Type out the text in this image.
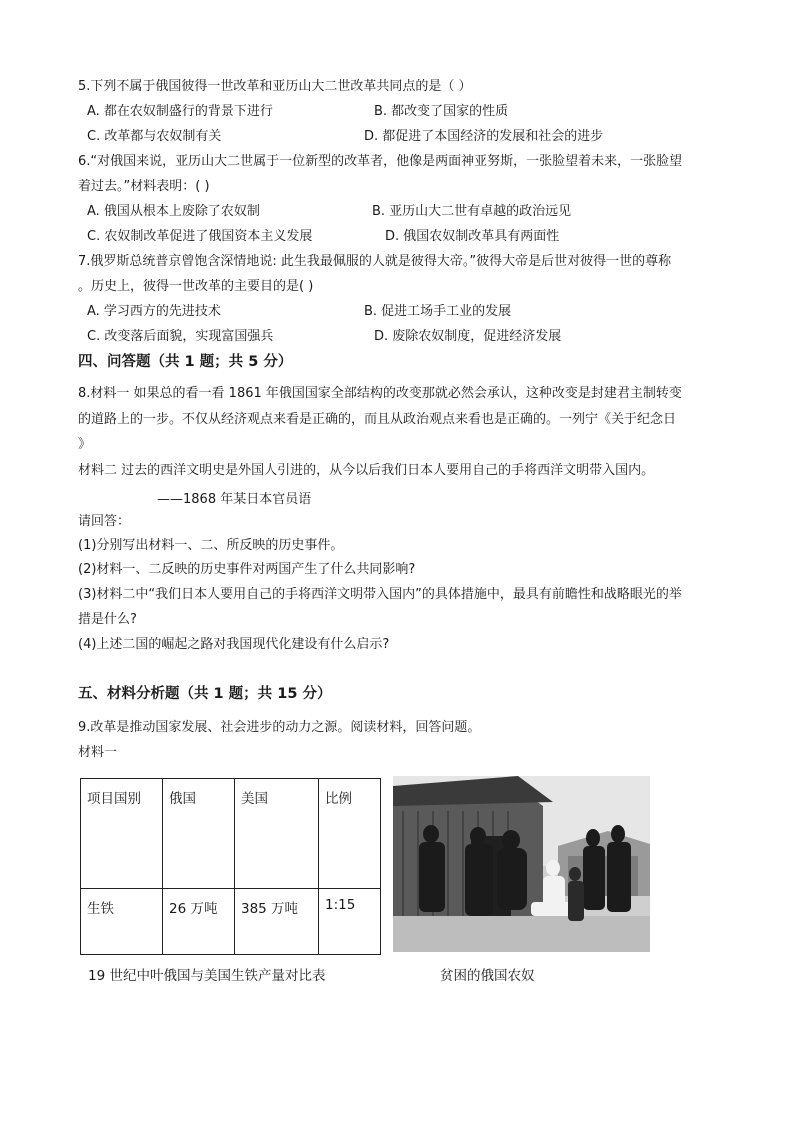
5.下列不属于俄国彼得一世改革和亚历山大二世改革共同点的是（ ）
A. 都在农奴制盛行的背景下进行	B. 都改变了国家的性质
C. 改革都与农奴制有关	D. 都促进了本国经济的发展和社会的进步
6.“对俄国来说，亚历山大二世属于一位新型的改革者，他像是两面神亚努斯，一张脸望着未来，一张脸望
着过去。”材料表明：( )
A. 俄国从根本上废除了农奴制	B. 亚历山大二世有卓越的政治远见
C. 农奴制改革促进了俄国资本主义发展	D. 俄国农奴制改革具有两面性
7.俄罗斯总统普京曾饱含深情地说: 此生我最佩服的人就是彼得大帝。”彼得大帝是后世对彼得一世的尊称
。历史上，彼得一世改革的主要目的是( )
A. 学习西方的先进技术	B. 促进工场手工业的发展
C. 改变落后面貌，实现富国强兵	D. 废除农奴制度，促进经济发展
四、问答题（共 1 题；共 5 分）
8.材料一 如果总的看一看 1861 年俄国国家全部结构的改变那就必然会承认，这种改变是封建君主制转变
的道路上的一步。不仅从经济观点来看是正确的，而且从政治观点来看也是正确的。一列宁《关于纪念日
》
材料二 过去的西洋文明史是外国人引进的，从今以后我们日本人要用自己的手将西洋文明带入国内。
——1868 年某日本官员语
请回答：
(1)分别写出材料一、二、所反映的历史事件。
(2)材料一、二反映的历史事件对两国产生了什么共同影响?
(3)材料二中“我们日本人要用自己的手将西洋文明带入国内”的具体措施中，最具有前瞻性和战略眼光的举
措是什么?
(4)上述二国的崛起之路对我国现代化建设有什么启示?
五、材料分析题（共 1 题；共 15 分）
9.改革是推动国家发展、社会进步的动力之源。阅读材料，回答问题。
材料一
项目国别	俄国	美国	比例
生铁	26 万吨	385 万吨	1:15
19 世纪中叶俄国与美国生铁产量对比表	贫困的俄国农奴
